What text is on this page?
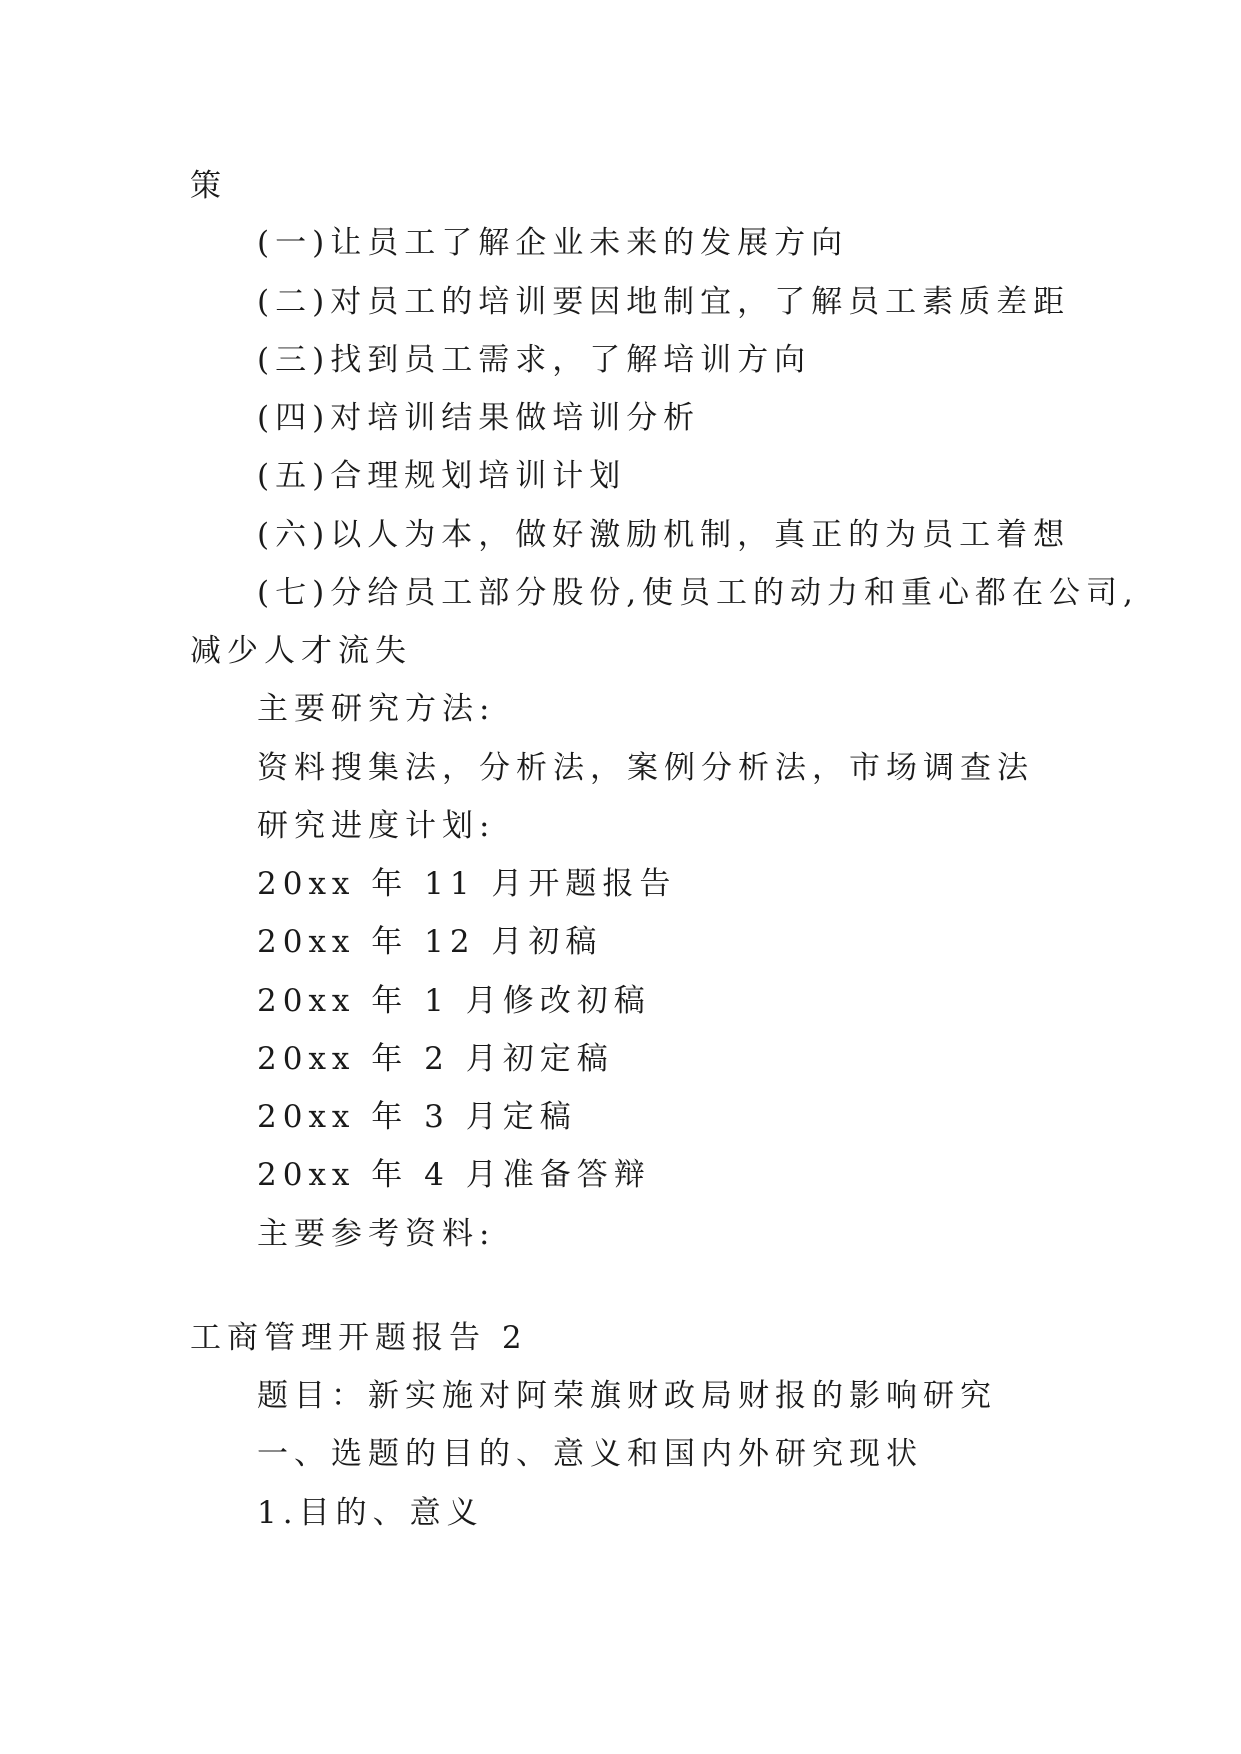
策
(一)让员工了解企业未来的发展方向
(二)对员工的培训要因地制宜，了解员工素质差距
(三)找到员工需求，了解培训方向
(四)对培训结果做培训分析
(五)合理规划培训计划
(六)以人为本，做好激励机制，真正的为员工着想
(七)分给员工部分股份,使员工的动力和重心都在公司,
减少人才流失
主要研究方法:
资料搜集法，分析法，案例分析法，市场调查法
研究进度计划:
20xx 年 11 月开题报告
20xx 年 12 月初稿
20xx 年 1 月修改初稿
20xx 年 2 月初定稿
20xx 年 3 月定稿
20xx 年 4 月准备答辩
主要参考资料:
工商管理开题报告 2
题目：新实施对阿荣旗财政局财报的影响研究
一、选题的目的、意义和国内外研究现状
1.目的、意义
